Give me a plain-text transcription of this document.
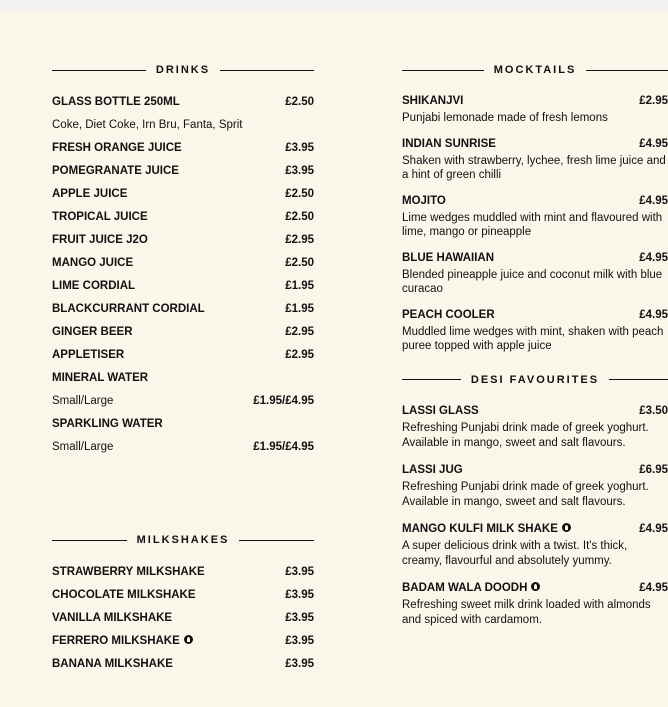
DRINKS
GLASS BOTTLE 250ML	£2.50
Coke, Diet Coke, Irn Bru, Fanta, Sprit
FRESH ORANGE JUICE	£3.95
POMEGRANATE JUICE	£3.95
APPLE JUICE	£2.50
TROPICAL JUICE	£2.50
FRUIT JUICE J2O	£2.95
MANGO JUICE	£2.50
LIME CORDIAL	£1.95
BLACKCURRANT CORDIAL	£1.95
GINGER BEER	£2.95
APPLETISER	£2.95
MINERAL WATER
Small/Large	£1.95/£4.95
SPARKLING WATER
Small/Large	£1.95/£4.95
MILKSHAKES
STRAWBERRY MILKSHAKE	£3.95
CHOCOLATE MILKSHAKE	£3.95
VANILLA MILKSHAKE	£3.95
FERRERO MILKSHAKE	£3.95
BANANA MILKSHAKE	£3.95
MOCKTAILS
SHIKANJVI	£2.95
Punjabi lemonade made of fresh lemons
INDIAN SUNRISE	£4.95
Shaken with strawberry, lychee, fresh lime juice and a hint of green chilli
MOJITO	£4.95
Lime wedges muddled with mint and flavoured with lime, mango or pineapple
BLUE HAWAIIAN	£4.95
Blended pineapple juice and coconut milk with blue curacao
PEACH COOLER	£4.95
Muddled lime wedges with mint, shaken with peach puree topped with apple juice
DESI FAVOURITES
LASSI GLASS	£3.50
Refreshing Punjabi drink made of greek yoghurt. Available in mango, sweet and salt flavours.
LASSI JUG	£6.95
Refreshing Punjabi drink made of greek yoghurt. Available in mango, sweet and salt flavours.
MANGO KULFI MILK SHAKE	£4.95
A super delicious drink with a twist. It's thick, creamy, flavourful and absolutely yummy.
BADAM WALA DOODH	£4.95
Refreshing sweet milk drink loaded with almonds and spiced with cardamom.
